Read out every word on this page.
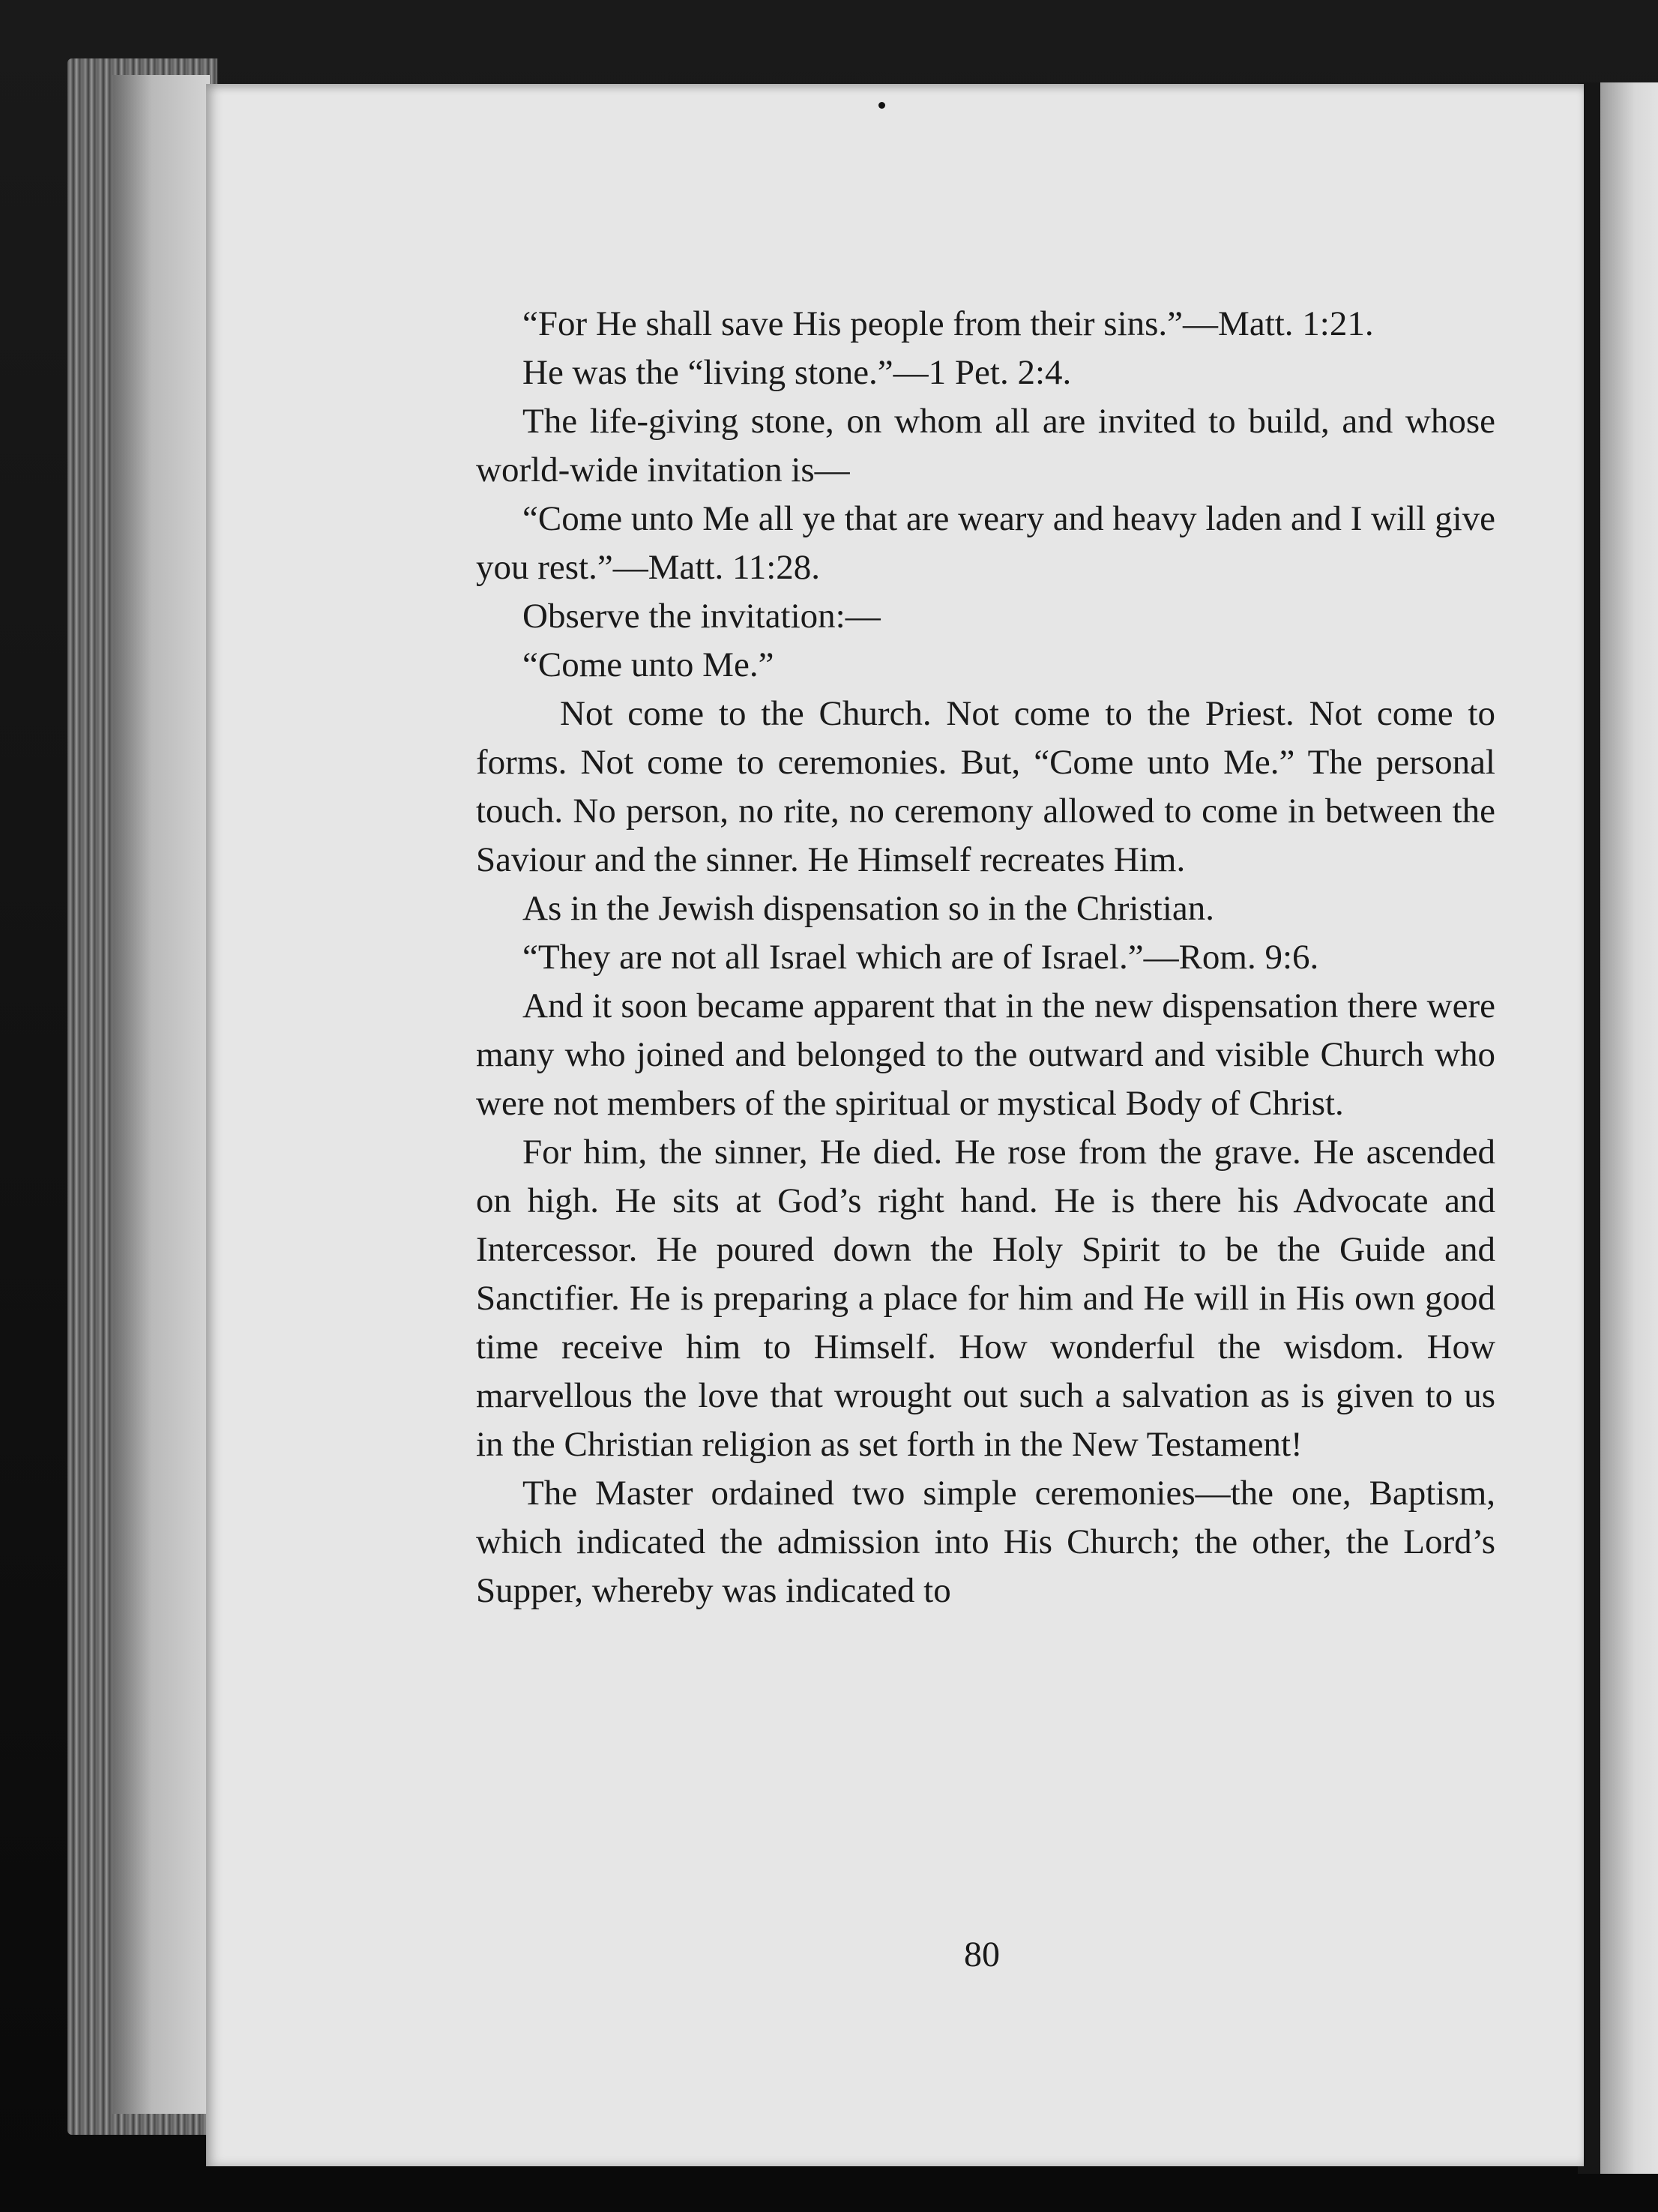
“For He shall save His people from their sins.”—Matt. 1:21.

He was the “living stone.”—1 Pet. 2:4.

The life-giving stone, on whom all are invited to build, and whose world-wide invitation is—

“Come unto Me all ye that are weary and heavy laden and I will give you rest.”—Matt. 11:28.

Observe the invitation:—

“Come unto Me.”

Not come to the Church. Not come to the Priest. Not come to forms. Not come to ceremonies. But, “Come unto Me.” The personal touch. No person, no rite, no ceremony allowed to come in between the Saviour and the sinner. He Himself recreates Him.

As in the Jewish dispensation so in the Christian.

“They are not all Israel which are of Israel.”—Rom. 9:6.

And it soon became apparent that in the new dispensation there were many who joined and belonged to the outward and visible Church who were not members of the spiritual or mystical Body of Christ.

For him, the sinner, He died. He rose from the grave. He ascended on high. He sits at God’s right hand. He is there his Advocate and Intercessor. He poured down the Holy Spirit to be the Guide and Sanctifier. He is preparing a place for him and He will in His own good time receive him to Himself. How wonderful the wisdom. How marvellous the love that wrought out such a salvation as is given to us in the Christian religion as set forth in the New Testament!

The Master ordained two simple ceremonies—the one, Baptism, which indicated the admission into His Church; the other, the Lord’s Supper, whereby was indicated to

80
